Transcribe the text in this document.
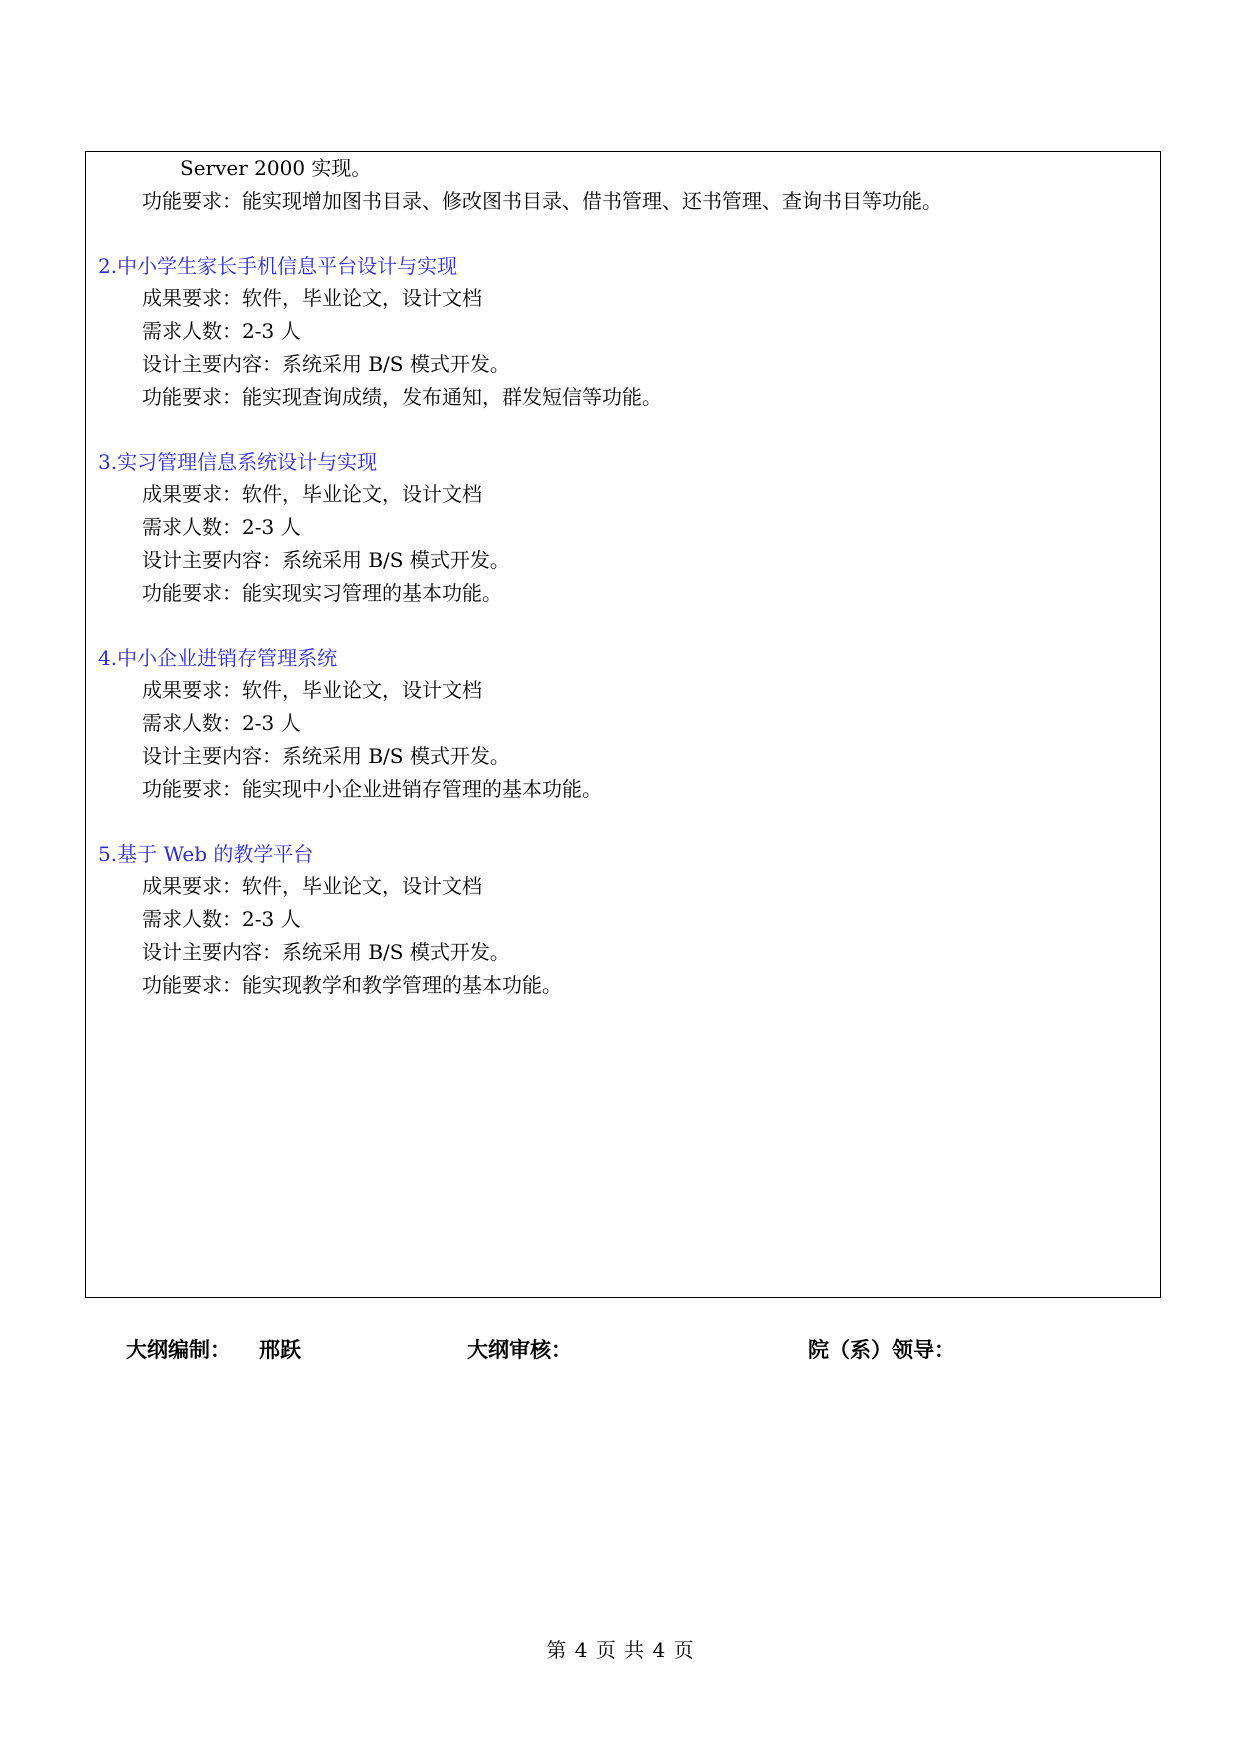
Server 2000 实现。
功能要求：能实现增加图书目录、修改图书目录、借书管理、还书管理、查询书目等功能。
2.中小学生家长手机信息平台设计与实现
成果要求：软件，毕业论文，设计文档
需求人数：2-3 人
设计主要内容：系统采用 B/S 模式开发。
功能要求：能实现查询成绩，发布通知，群发短信等功能。
3.实习管理信息系统设计与实现
成果要求：软件，毕业论文，设计文档
需求人数：2-3 人
设计主要内容：系统采用 B/S 模式开发。
功能要求：能实现实习管理的基本功能。
4.中小企业进销存管理系统
成果要求：软件，毕业论文，设计文档
需求人数：2-3 人
设计主要内容：系统采用 B/S 模式开发。
功能要求：能实现中小企业进销存管理的基本功能。
5.基于 Web 的教学平台
成果要求：软件，毕业论文，设计文档
需求人数：2-3 人
设计主要内容：系统采用 B/S 模式开发。
功能要求：能实现教学和教学管理的基本功能。
大纲编制： 邢跃	大纲审核：	院（系）领导：
第 4 页 共 4 页
